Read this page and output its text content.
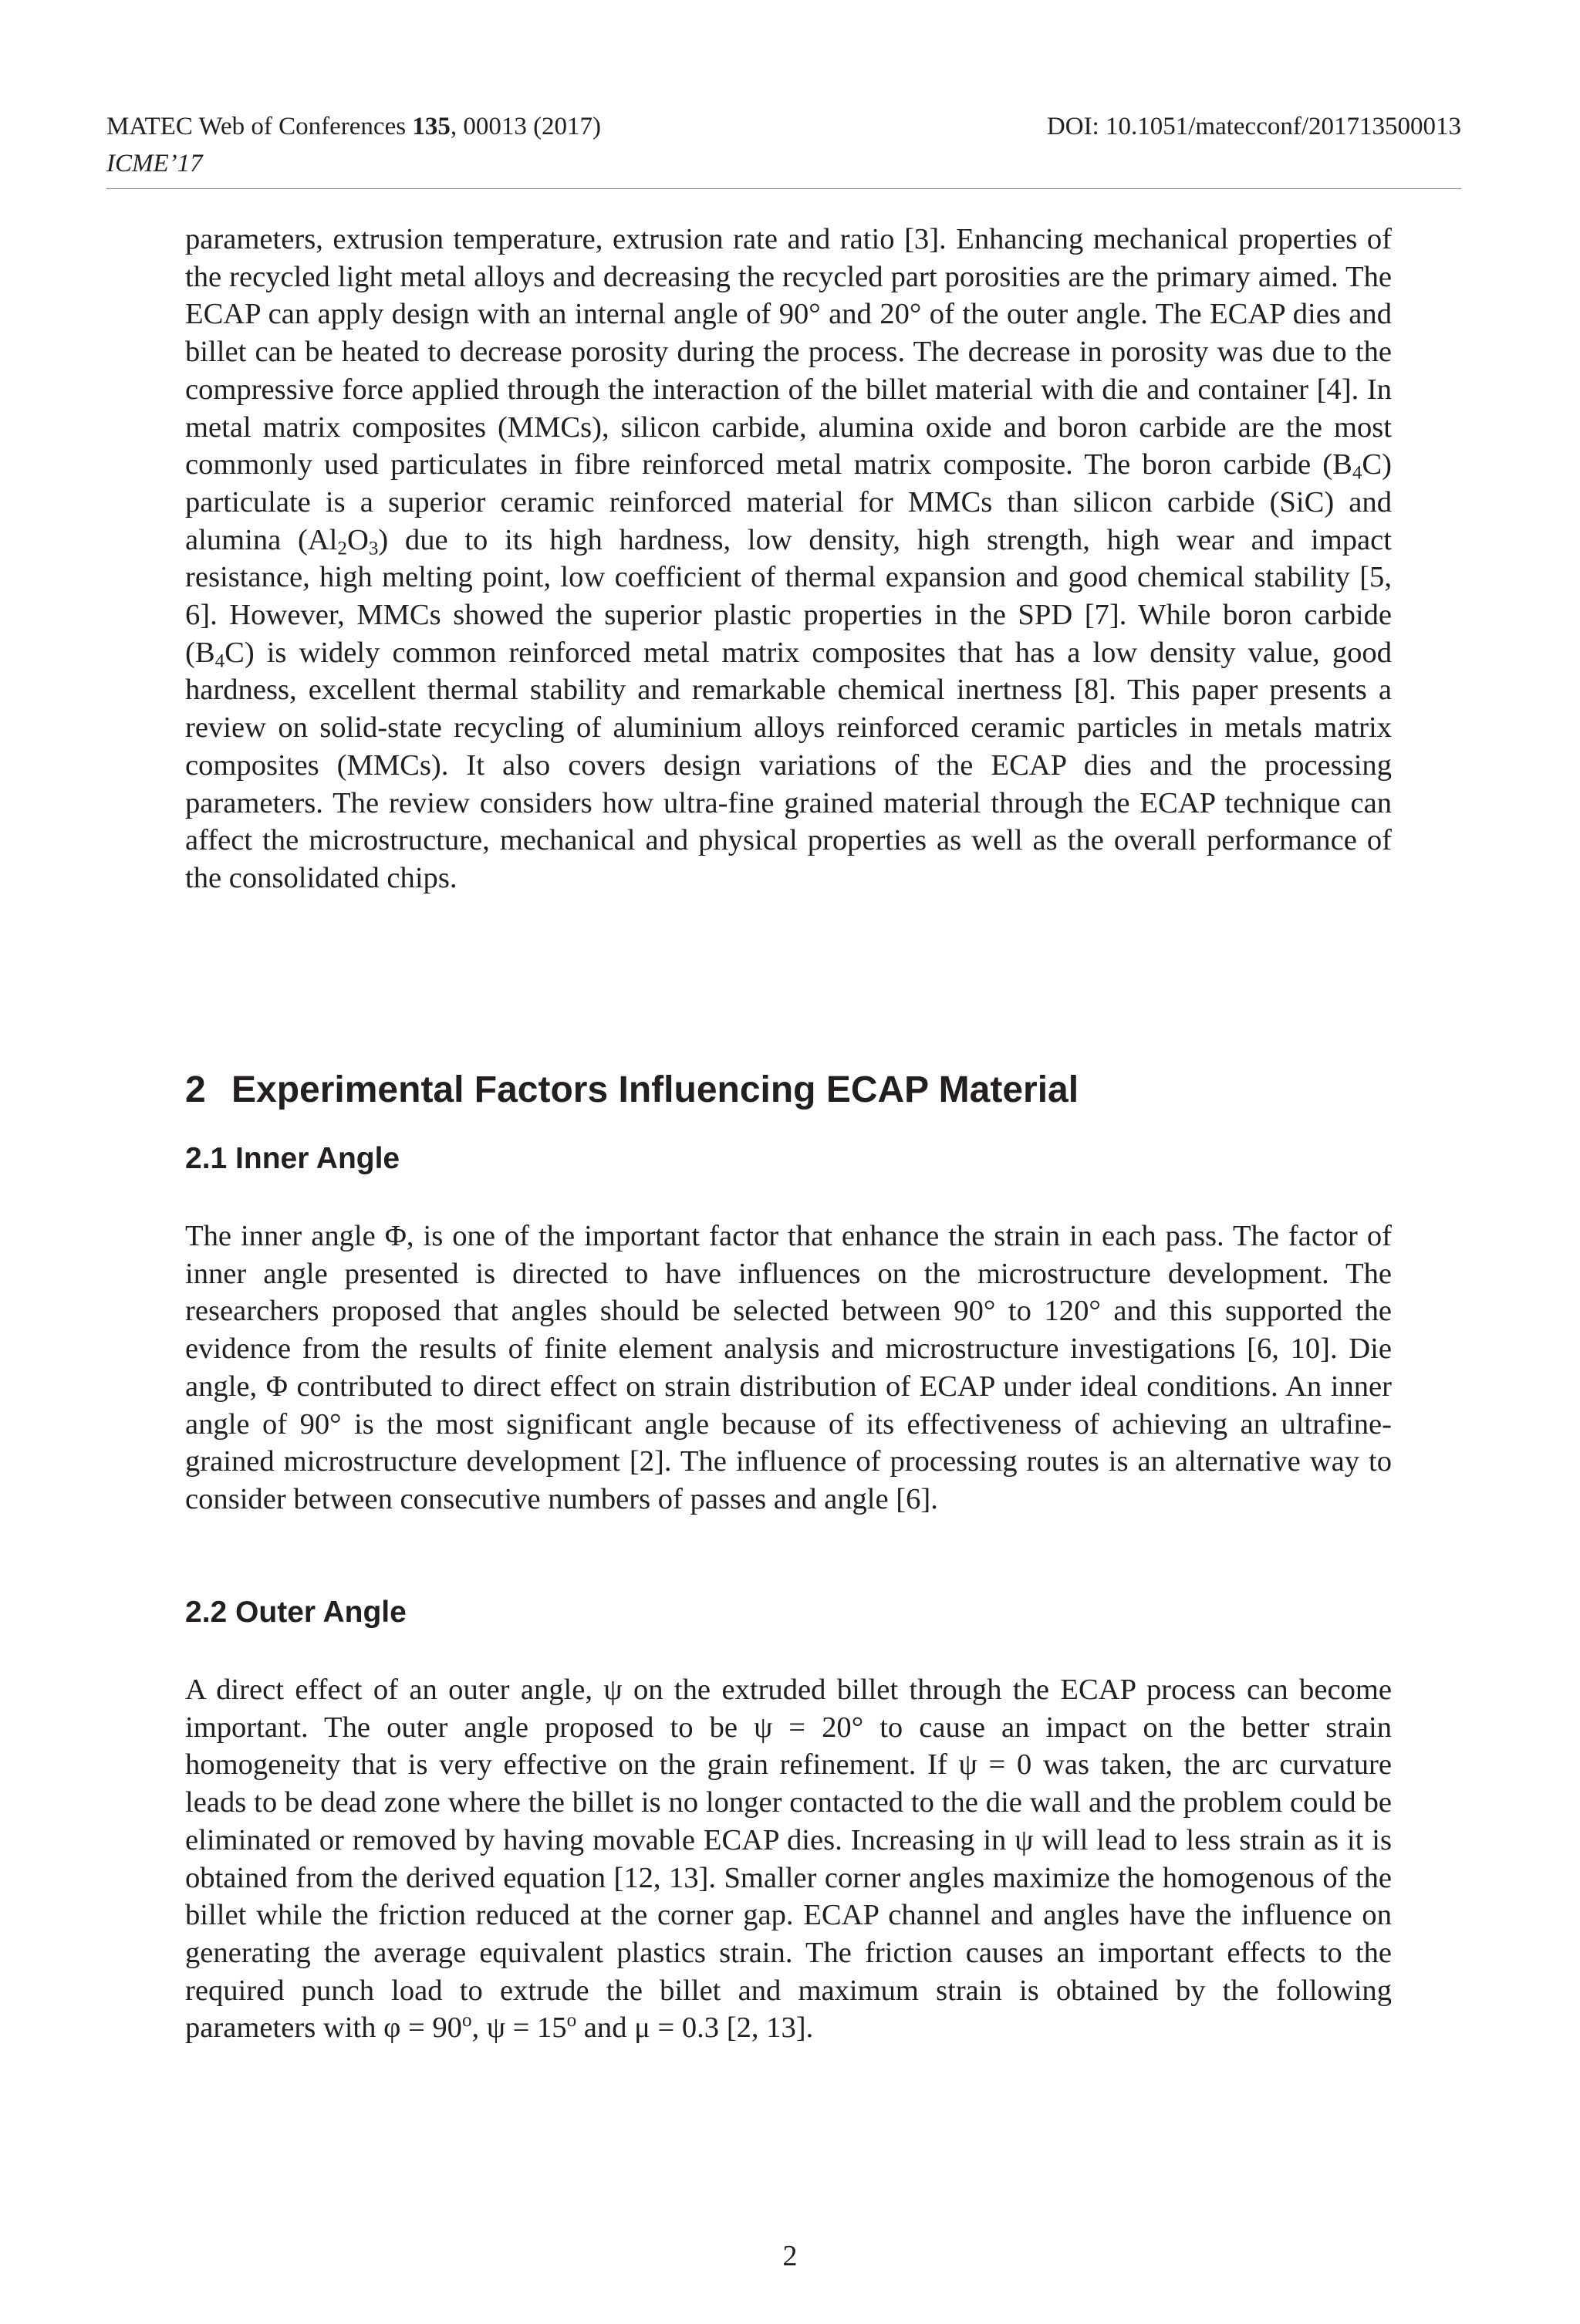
MATEC Web of Conferences 135, 00013 (2017)
ICME’17
DOI: 10.1051/matecconf/201713500013

parameters, extrusion temperature, extrusion rate and ratio [3]. Enhancing mechanical properties of the recycled light metal alloys and decreasing the recycled part porosities are the primary aimed. The ECAP can apply design with an internal angle of 90° and 20° of the outer angle. The ECAP dies and billet can be heated to decrease porosity during the process. The decrease in porosity was due to the compressive force applied through the interaction of the billet material with die and container [4]. In metal matrix composites (MMCs), silicon carbide, alumina oxide and boron carbide are the most commonly used particulates in fibre reinforced metal matrix composite. The boron carbide $(B_4C)$ particulate is a superior ceramic reinforced material for MMCs than silicon carbide (SiC) and alumina $(Al_2O_3)$ due to its high hardness, low density, high strength, high wear and impact resistance, high melting point, low coefficient of thermal expansion and good chemical stability [5, 6]. However, MMCs showed the superior plastic properties in the SPD [7]. While boron carbide $(B_4C)$ is widely common reinforced metal matrix composites that has a low density value, good hardness, excellent thermal stability and remarkable chemical inertness [8]. This paper presents a review on solid-state recycling of aluminium alloys reinforced ceramic particles in metals matrix composites (MMCs). It also covers design variations of the ECAP dies and the processing parameters. The review considers how ultra-fine grained material through the ECAP technique can affect the microstructure, mechanical and physical properties as well as the overall performance of the consolidated chips.

2 Experimental Factors Influencing ECAP Material
2.1 Inner Angle

The inner angle Φ, is one of the important factor that enhance the strain in each pass. The factor of inner angle presented is directed to have influences on the microstructure development. The researchers proposed that angles should be selected between 90° to 120° and this supported the evidence from the results of finite element analysis and microstructure investigations [6, 10]. Die angle, Φ contributed to direct effect on strain distribution of ECAP under ideal conditions. An inner angle of 90° is the most significant angle because of its effectiveness of achieving an ultrafine-grained microstructure development [2]. The influence of processing routes is an alternative way to consider between consecutive numbers of passes and angle [6].

2.2 Outer Angle

A direct effect of an outer angle, ψ on the extruded billet through the ECAP process can become important. The outer angle proposed to be ψ = 20° to cause an impact on the better strain homogeneity that is very effective on the grain refinement. If ψ = 0 was taken, the arc curvature leads to be dead zone where the billet is no longer contacted to the die wall and the problem could be eliminated or removed by having movable ECAP dies. Increasing in ψ will lead to less strain as it is obtained from the derived equation [12, 13]. Smaller corner angles maximize the homogenous of the billet while the friction reduced at the corner gap. ECAP channel and angles have the influence on generating the average equivalent plastics strain. The friction causes an important effects to the required punch load to extrude the billet and maximum strain is obtained by the following parameters with $\varphi = 90^o$, $\psi = 15^o$ and μ = 0.3 [2, 13].

2
